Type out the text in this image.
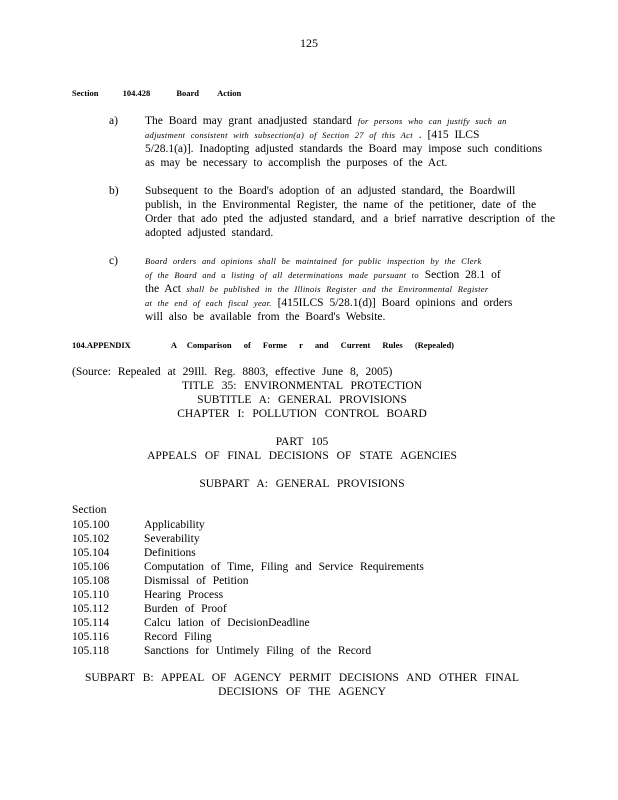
125
Section	104.428	Board Action
a) The Board may grant anadjusted standard for persons who can justify such an
adjustment consistent with subsection(a) of Section 27 of this Act . [415 ILCS
5/28.1(a)]. Inadopting adjusted standards the Board may impose such conditions
as may be necessary to accomplish the purposes of the Act.
b) Subsequent to the Board's adoption of an adjusted standard, the Boardwill
publish, in the Environmental Register, the name of the petitioner, date of the
Order that ado pted the adjusted standard, and a brief narrative description of the
adopted adjusted standard.
c)	Board orders and opinions shall be maintained for public inspection by the Clerk
of the Board and a listing of all determinations made pursuant to Section 28.1 of
the Act shall be published in the Illinois Register and the Environmental Register
at the end of each fiscal year. [415ILCS 5/28.1(d)] Board opinions and orders
will also be available from the Board's Website.
104.APPENDIX	A Comparison of Forme r and Current Rules (Repealed)
(Source: Repealed at 29Ill. Reg. 8803, effective June 8, 2005)
TITLE 35: ENVIRONMENTAL PROTECTION
SUBTITLE A: GENERAL PROVISIONS
CHAPTER I: POLLUTION CONTROL BOARD
PART 105
APPEALS OF FINAL DECISIONS OF STATE AGENCIES
SUBPART A: GENERAL PROVISIONS
Section
105.100	Applicability
105.102	Severability
105.104	Definitions
105.106	Computation of Time, Filing and Service Requirements
105.108	Dismissal of Petition
105.110	Hearing Process
105.112	Burden of Proof
105.114	Calcu lation of DecisionDeadline
105.116	Record Filing
105.118	Sanctions for Untimely Filing of the Record
SUBPART B: APPEAL OF AGENCY PERMIT DECISIONS AND OTHER FINAL
DECISIONS OF THE AGENCY
